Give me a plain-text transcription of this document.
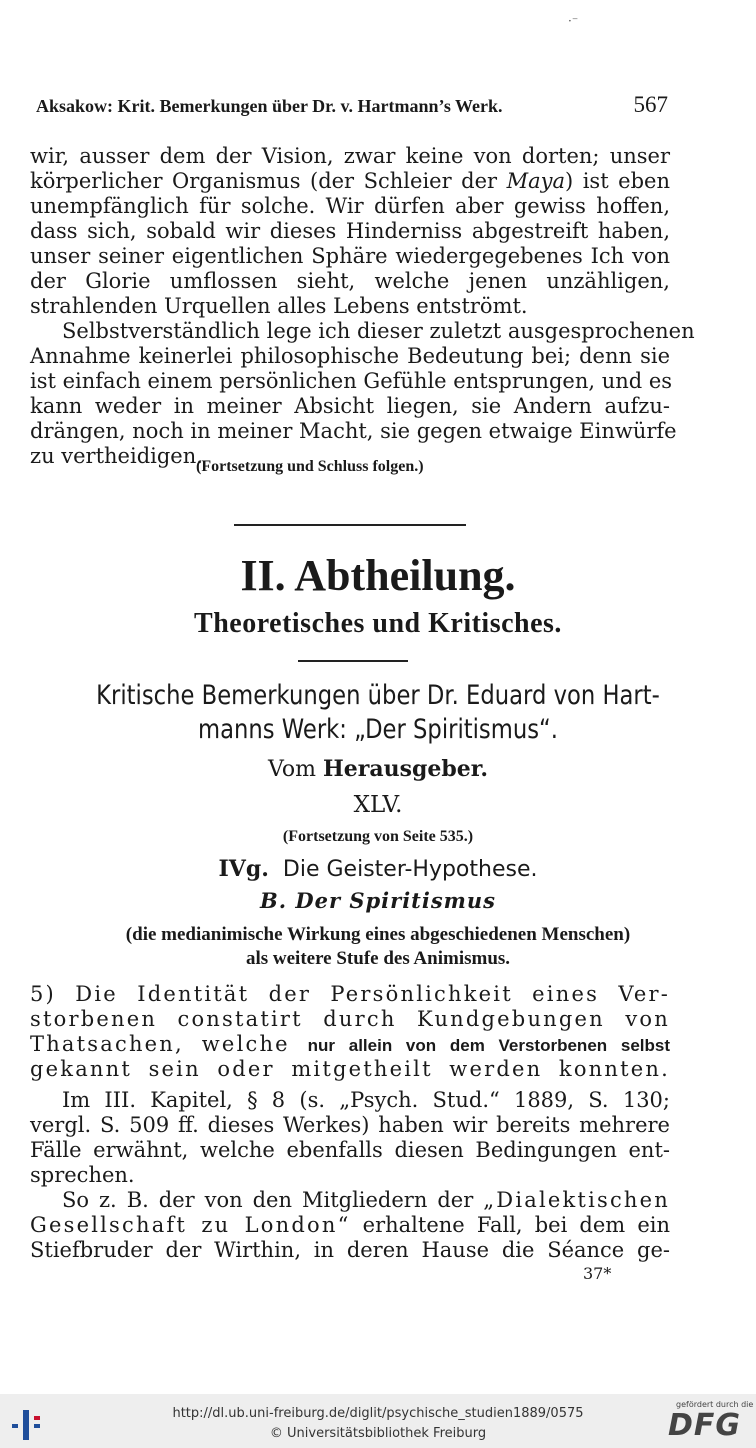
Aksakow: Krit. Bemerkungen über Dr. v. Hartmann’s Werk.	567
·⁻
wir, ausser dem der Vision, zwar keine von dorten; unser
körperlicher Organismus (der Schleier der Maya) ist eben
unempfänglich für solche. Wir dürfen aber gewiss hoffen,
dass sich, sobald wir dieses Hinderniss abgestreift haben,
unser seiner eigentlichen Sphäre wiedergegebenes Ich von
der Glorie umflossen sieht, welche jenen unzähligen,
strahlenden Urquellen alles Lebens entströmt.
Selbstverständlich lege ich dieser zuletzt ausgesprochenen
Annahme keinerlei philosophische Bedeutung bei; denn sie
ist einfach einem persönlichen Gefühle entsprungen, und es
kann weder in meiner Absicht liegen, sie Andern aufzu-
drängen, noch in meiner Macht, sie gegen etwaige Einwürfe
zu vertheidigen.
(Fortsetzung und Schluss folgen.)
II. Abtheilung.
Theoretisches und Kritisches.
Kritische Bemerkungen über Dr. Eduard von Hart-
manns Werk: „Der Spiritismus“.
Vom Herausgeber.
XLV.
(Fortsetzung von Seite 535.)
IVg. Die Geister-Hypothese.
B. Der Spiritismus
(die medianimische Wirkung eines abgeschiedenen Menschen)
als weitere Stufe des Animismus.
5) Die Identität der Persönlichkeit eines Ver-
storbenen constatirt durch Kundgebungen von
Thatsachen, welche nur allein von dem Verstorbenen selbst
gekannt sein oder mitgetheilt werden konnten.
Im III. Kapitel, § 8 (s. „Psych. Stud.“ 1889, S. 130;
vergl. S. 509 ff. dieses Werkes) haben wir bereits mehrere
Fälle erwähnt, welche ebenfalls diesen Bedingungen ent-
sprechen.
So z. B. der von den Mitgliedern der „Dialektischen
Gesellschaft zu London“ erhaltene Fall, bei dem ein
Stiefbruder der Wirthin, in deren Hause die Séance ge-
37*
http://dl.ub.uni-freiburg.de/diglit/psychische_studien1889/0575
© Universitätsbibliothek Freiburg
gefördert durch die
DFG
